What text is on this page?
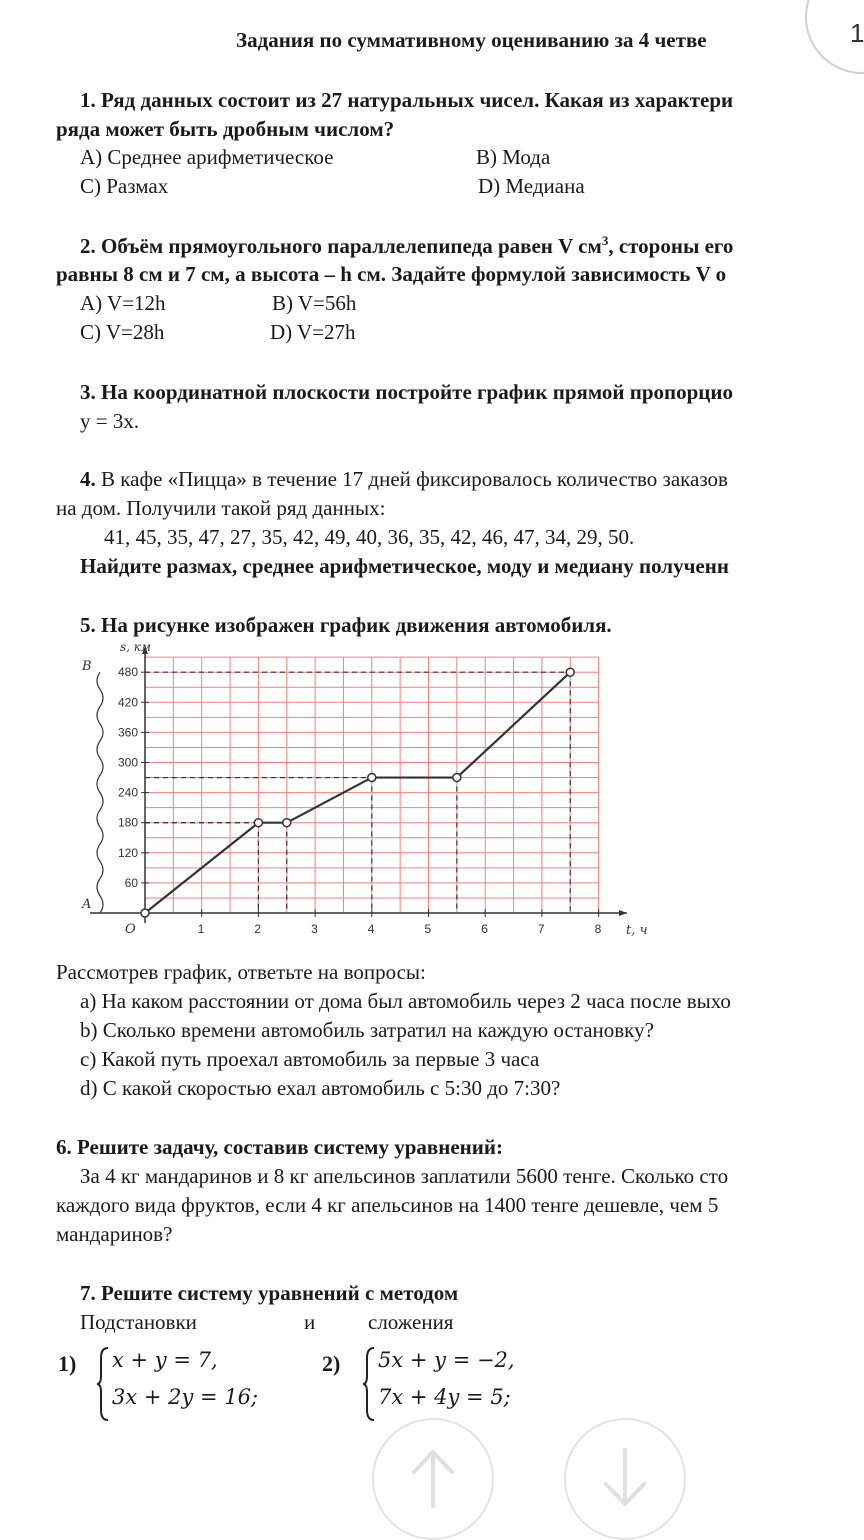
1
Задания по суммативному оцениванию за 4 четве
1. Ряд данных состоит из 27 натуральных чисел. Какая из характери
ряда может быть дробным числом?
A) Среднее арифметическое	B) Мода
C) Размах	D) Медиана
2. Объём прямоугольного параллелепипеда равен V $см^3$, стороны его
равны 8 см и 7 см, а высота – h см. Задайте формулой зависимость V о
A) V=12h	B) V=56h
C) V=28h	D) V=27h
3. На координатной плоскости постройте график прямой пропорцио
y = 3x.
4. В кафе «Пицца» в течение 17 дней фиксировалось количество заказов
на дом. Получили такой ряд данных:
41, 45, 35, 47, 27, 35, 42, 49, 40, 36, 35, 42, 46, 47, 34, 29, 50.
Найдите размах, среднее арифметическое, моду и медиану полученн
5. На рисунке изображен график движения автомобиля.
1	2	3	4	5	6	7	8
60
120
180
240
300
360
420
480
s, км
t, ч
O
A
B
Рассмотрев график, ответьте на вопросы:
a) На каком расстоянии от дома был автомобиль через 2 часа после выхо
b) Сколько времени автомобиль затратил на каждую остановку?
c) Какой путь проехал автомобиль за первые 3 часа
d) С какой скоростью ехал автомобиль с 5:30 до 7:30?
6. Решите задачу, составив систему уравнений:
За 4 кг мандаринов и 8 кг апельсинов заплатили 5600 тенге. Сколько сто
каждого вида фруктов, если 4 кг апельсинов на 1400 тенге дешевле, чем 5
мандаринов?
7. Решите систему уравнений с методом
Подстановки	и	сложения
1) x + y = 7,
3x + 2y = 16;
2) 5x + y = −2,
7x + 4y = 5;
